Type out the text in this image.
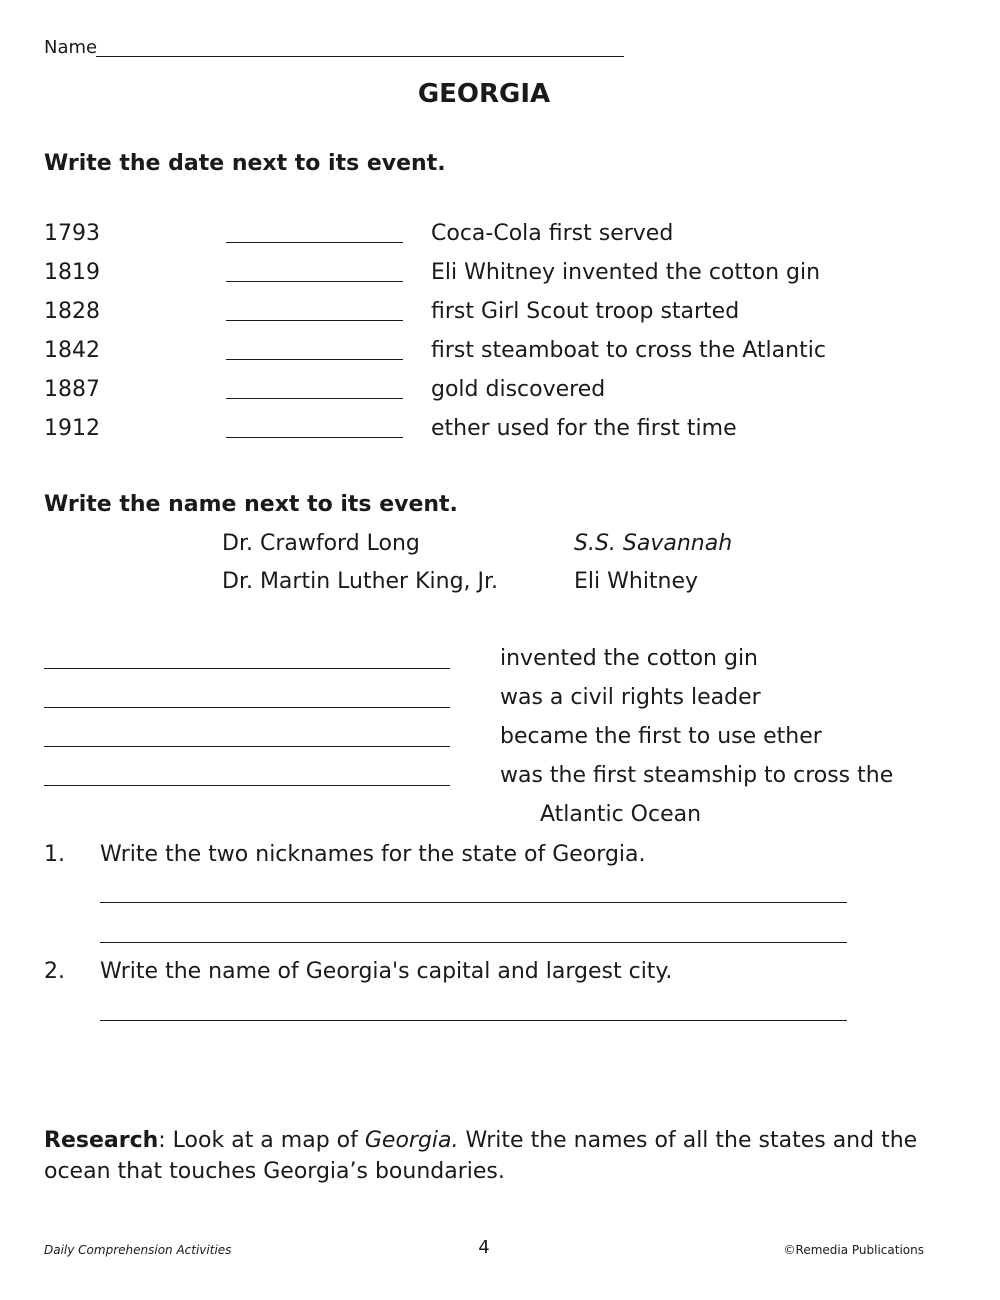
Name
GEORGIA
Write the date next to its event.
1793	Coca-Cola first served
1819	Eli Whitney invented the cotton gin
1828	first Girl Scout troop started
1842	first steamboat to cross the Atlantic
1887	gold discovered
1912	ether used for the first time
Write the name next to its event.
Dr. Crawford Long	S.S. Savannah
Dr. Martin Luther King, Jr.	Eli Whitney
invented the cotton gin
was a civil rights leader
became the first to use ether
was the first steamship to cross the
Atlantic Ocean
1. Write the two nicknames for the state of Georgia.
2. Write the name of Georgia's capital and largest city.
Research: Look at a map of Georgia. Write the names of all the states and the
ocean that touches Georgia’s boundaries.
Daily Comprehension Activities	4	©Remedia Publications
